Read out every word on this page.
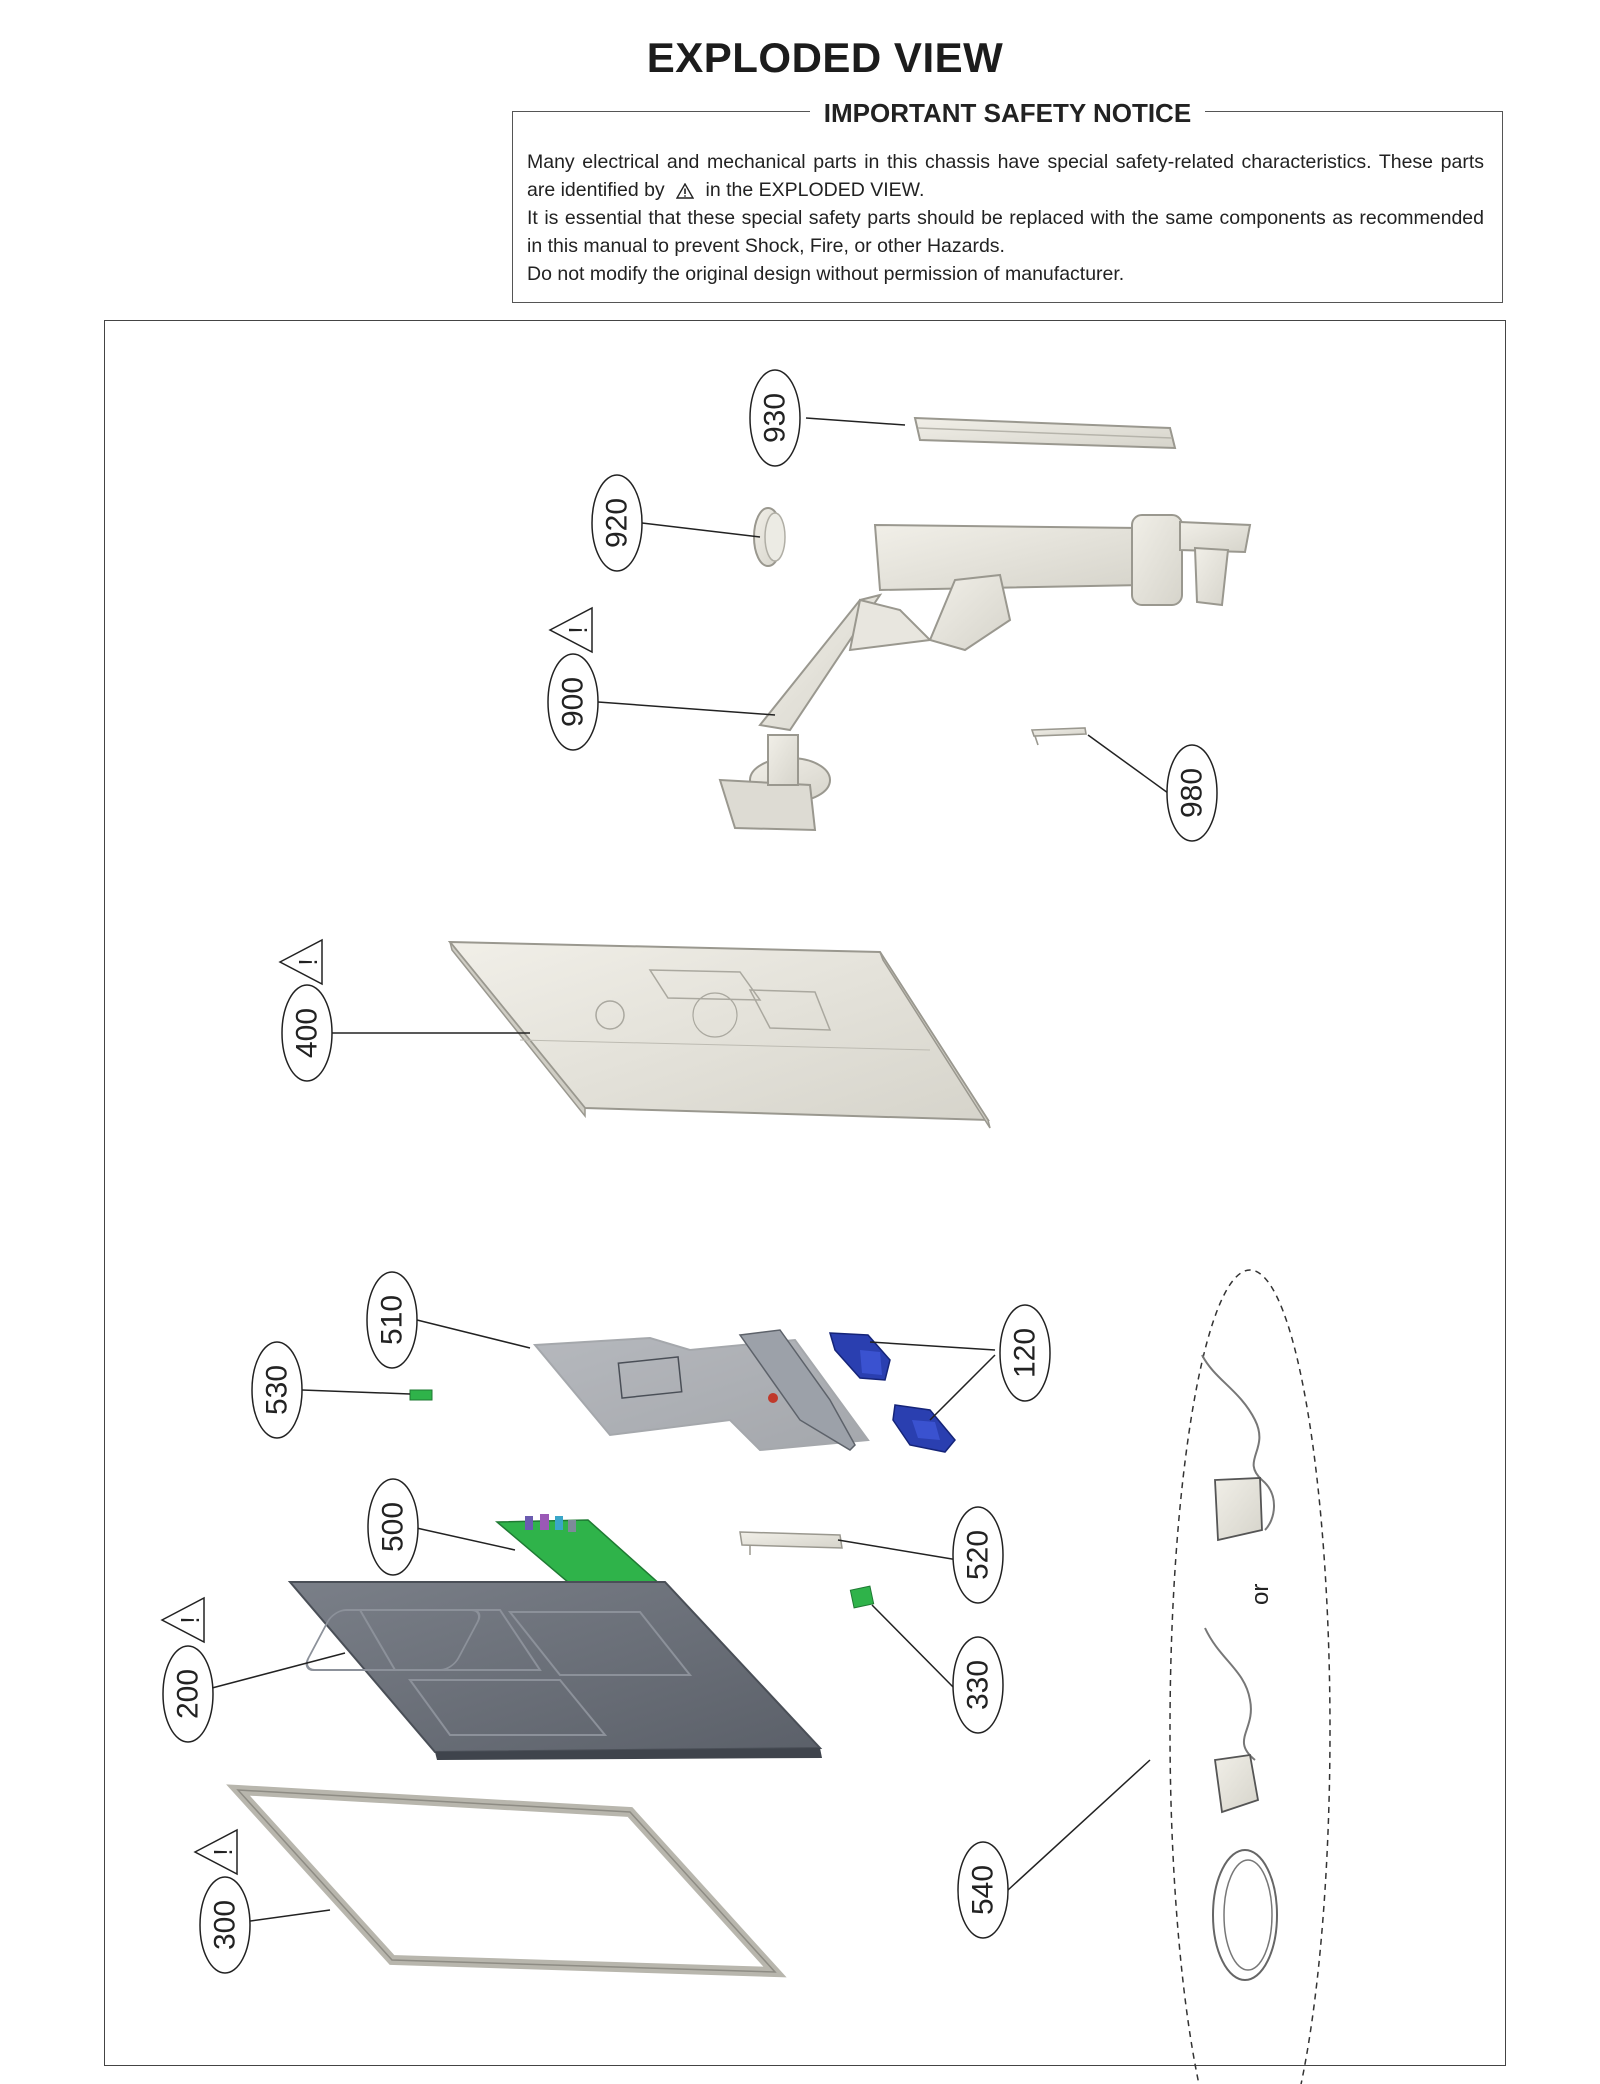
EXPLODED VIEW
IMPORTANT SAFETY NOTICE

Many electrical and mechanical parts in this chassis have special safety-related characteristics. These parts are identified by in the EXPLODED VIEW.

It is essential that these special safety parts should be replaced with the same components as recommended in this manual to prevent Shock, Fire, or other Hazards.

Do not modify the original design without permission of manufacturer.

or
930
920
900
980
400
510
530
120
500
520
200	330
300
540
!
!
!
!
